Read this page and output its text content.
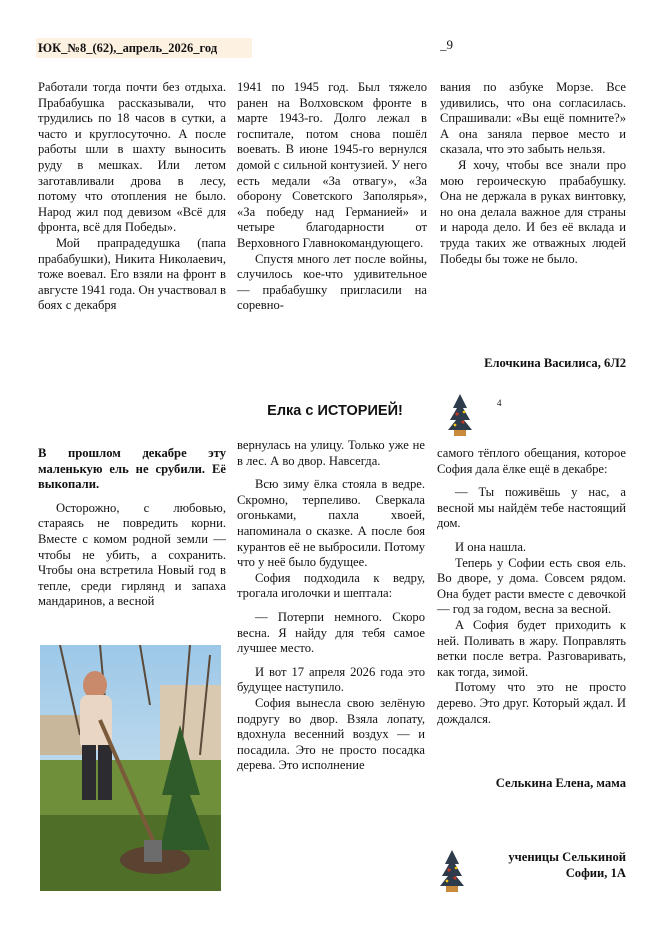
ЮК_№8_(62),_апрель_2026_год	_9

Работали тогда почти без отдыха. Прабабушка рассказывали, что трудились по 18 часов в сутки, а часто и круглосуточно. А после работы шли в шахту выносить руду в мешках. Или летом заготавливали дрова в лесу, потому что отопления не было. Народ жил под девизом «Всё для фронта, всё для Победы».

Мой прапрадедушка (папа прабабушки), Никита Николаевич, тоже воевал. Его взяли на фронт в августе 1941 года. Он участвовал в боях с декабря

1941 по 1945 год. Был тяжело ранен на Волховском фронте в марте 1943-го. Долго лежал в госпитале, потом снова пошёл воевать. В июне 1945-го вернулся домой с сильной контузией. У него есть медали «За отвагу», «За оборону Советского Заполярья», «За победу над Германией» и четыре благодарности от Верховного Главнокомандующего.

Спустя много лет после войны, случилось кое-что удивительное — прабабушку пригласили на соревно-

вания по азбуке Морзе. Все удивились, что она согласилась. Спрашивали: «Вы ещё помните?» А она заняла первое место и сказала, что это забыть нельзя.

Я хочу, чтобы все знали про мою героическую прабабушку. Она не держала в руках винтовку, но она делала важное для страны и народа дело. И без её вклада и труда таких же отважных людей Победы бы тоже не было.

Елочкина Василиса, 6Л2
Елка с ИСТОРИЕЙ!	4

В прошлом декабре эту маленькую ель не срубили. Её выкопали.

Осторожно, с любовью, стараясь не повредить корни. Вместе с комом родной земли — чтобы не убить, а сохранить. Чтобы она встретила Новый год в тепле, среди гирлянд и запаха мандаринов, а весной

вернулась на улицу. Только уже не в лес. А во двор. Навсегда.

Всю зиму ёлка стояла в ведре. Скромно, терпеливо. Сверкала огоньками, пахла хвоей, напоминала о сказке. А после боя курантов её не выбросили. Потому что у неё было будущее.

София подходила к ведру, трогала иголочки и шептала:

— Потерпи немного. Скоро весна. Я найду для тебя самое лучшее место.

И вот 17 апреля 2026 года это будущее наступило.

София вынесла свою зелёную подругу во двор. Взяла лопату, вдохнула весенний воздух — и посадила. Это не просто посадка дерева. Это исполнение

самого тёплого обещания, которое София дала ёлке ещё в декабре:

— Ты поживёшь у нас, а весной мы найдём тебе настоящий дом.

И она нашла.

Теперь у Софии есть своя ель. Во дворе, у дома. Совсем рядом. Она будет расти вместе с девочкой — год за годом, весна за весной.

А София будет приходить к ней. Поливать в жару. Поправлять ветки после ветра. Разговаривать, как тогда, зимой.

Потому что это не просто дерево. Это друг. Который ждал. И дождался.

Селькина Елена, мама
ученицы Селькиной
Софии, 1А
